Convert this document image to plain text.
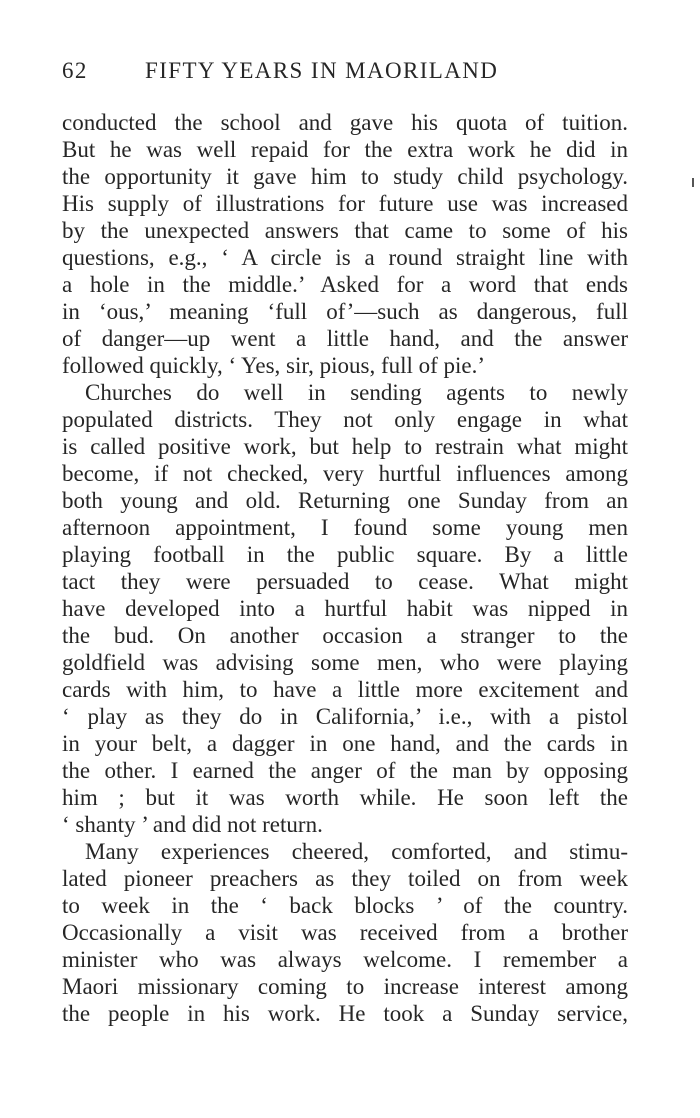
62 FIFTY YEARS IN MAORILAND
conducted the school and gave his quota of tuition.
But he was well repaid for the extra work he did in
the opportunity it gave him to study child psychology.
His supply of illustrations for future use was increased
by the unexpected answers that came to some of his
questions, e.g., ‘ A circle is a round straight line with
a hole in the middle.’ Asked for a word that ends
in ‘ous,’ meaning ‘full of’—such as dangerous, full
of danger—up went a little hand, and the answer
followed quickly, ‘ Yes, sir, pious, full of pie.’
Churches do well in sending agents to newly
populated districts. They not only engage in what
is called positive work, but help to restrain what might
become, if not checked, very hurtful influences among
both young and old. Returning one Sunday from an
afternoon appointment, I found some young men
playing football in the public square. By a little
tact they were persuaded to cease. What might
have developed into a hurtful habit was nipped in
the bud. On another occasion a stranger to the
goldfield was advising some men, who were playing
cards with him, to have a little more excitement and
‘ play as they do in California,’ i.e., with a pistol
in your belt, a dagger in one hand, and the cards in
the other. I earned the anger of the man by opposing
him ; but it was worth while. He soon left the
‘ shanty ’ and did not return.
Many experiences cheered, comforted, and stimu-
lated pioneer preachers as they toiled on from week
to week in the ‘ back blocks ’ of the country.
Occasionally a visit was received from a brother
minister who was always welcome. I remember a
Maori missionary coming to increase interest among
the people in his work. He took a Sunday service,
